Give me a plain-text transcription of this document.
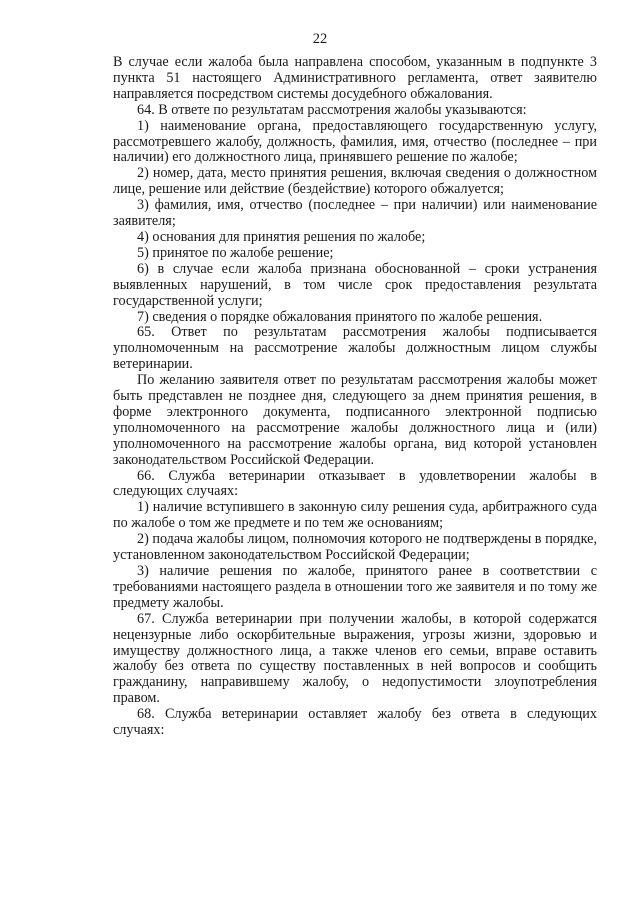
22

В случае если жалоба была направлена способом, указанным в подпункте 3 пункта 51 настоящего Административного регламента, ответ заявителю направляется посредством системы досудебного обжалования.

64. В ответе по результатам рассмотрения жалобы указываются:

1) наименование органа, предоставляющего государственную услугу, рассмотревшего жалобу, должность, фамилия, имя, отчество (последнее – при наличии) его должностного лица, принявшего решение по жалобе;

2) номер, дата, место принятия решения, включая сведения о должностном лице, решение или действие (бездействие) которого обжалуется;

3) фамилия, имя, отчество (последнее – при наличии) или наименование заявителя;

4) основания для принятия решения по жалобе;

5) принятое по жалобе решение;

6) в случае если жалоба признана обоснованной – сроки устранения выявленных нарушений, в том числе срок предоставления результата государственной услуги;

7) сведения о порядке обжалования принятого по жалобе решения.

65. Ответ по результатам рассмотрения жалобы подписывается уполномоченным на рассмотрение жалобы должностным лицом службы ветеринарии.

По желанию заявителя ответ по результатам рассмотрения жалобы может быть представлен не позднее дня, следующего за днем принятия решения, в форме электронного документа, подписанного электронной подписью уполномоченного на рассмотрение жалобы должностного лица и (или) уполномоченного на рассмотрение жалобы органа, вид которой установлен законодательством Российской Федерации.

66. Служба ветеринарии отказывает в удовлетворении жалобы в следующих случаях:

1) наличие вступившего в законную силу решения суда, арбитражного суда по жалобе о том же предмете и по тем же основаниям;

2) подача жалобы лицом, полномочия которого не подтверждены в порядке, установленном законодательством Российской Федерации;

3) наличие решения по жалобе, принятого ранее в соответствии с требованиями настоящего раздела в отношении того же заявителя и по тому же предмету жалобы.

67. Служба ветеринарии при получении жалобы, в которой содержатся нецензурные либо оскорбительные выражения, угрозы жизни, здоровью и имуществу должностного лица, а также членов его семьи, вправе оставить жалобу без ответа по существу поставленных в ней вопросов и сообщить гражданину, направившему жалобу, о недопустимости злоупотребления правом.

68. Служба ветеринарии оставляет жалобу без ответа в следующих случаях:
